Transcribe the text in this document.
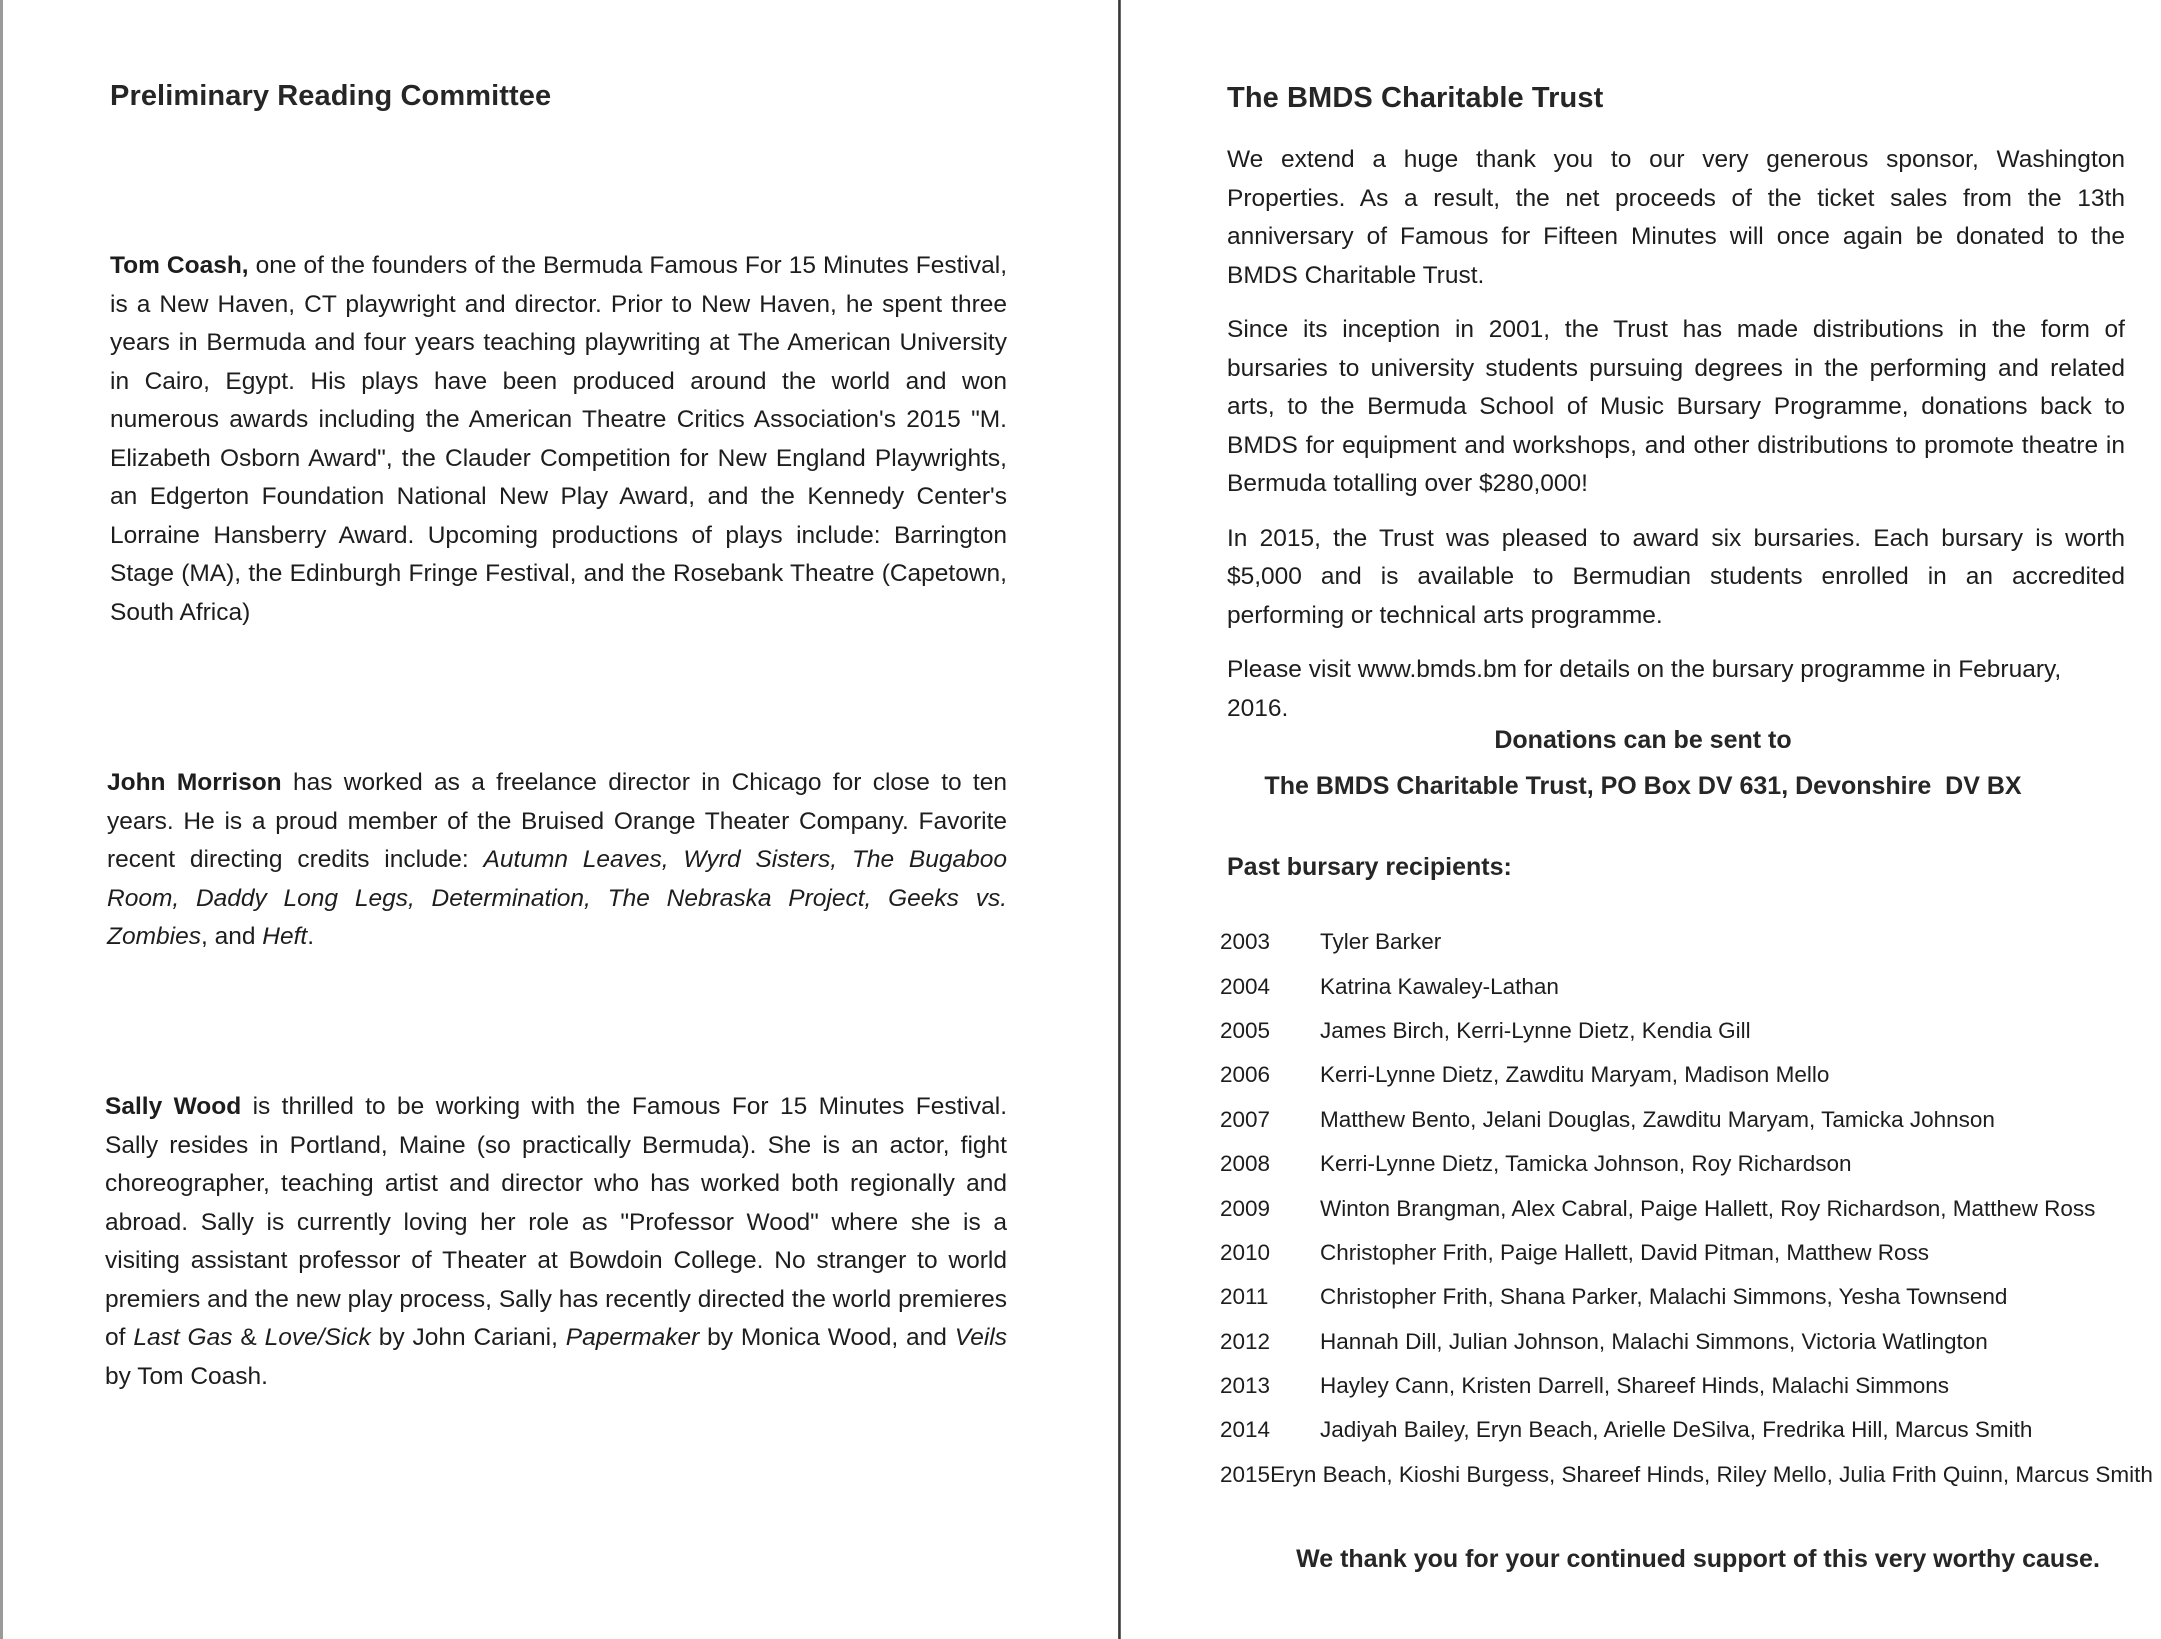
Preliminary Reading Committee

Tom Coash, one of the founders of the Bermuda Famous For 15 Minutes Festival, is a New Haven, CT playwright and director. Prior to New Haven, he spent three years in Bermuda and four years teaching playwriting at The American University in Cairo, Egypt. His plays have been produced around the world and won numerous awards including the American Theatre Critics Association's 2015 "M. Elizabeth Osborn Award", the Clauder Competition for New England Playwrights, an Edgerton Foundation National New Play Award, and the Kennedy Center's Lorraine Hansberry Award. Upcoming productions of plays include: Barrington Stage (MA), the Edinburgh Fringe Festival, and the Rosebank Theatre (Capetown, South Africa)

John Morrison has worked as a freelance director in Chicago for close to ten years. He is a proud member of the Bruised Orange Theater Company. Favorite recent directing credits include: Autumn Leaves, Wyrd Sisters, The Bugaboo Room, Daddy Long Legs, Determination, The Nebraska Project, Geeks vs. Zombies, and Heft.

Sally Wood is thrilled to be working with the Famous For 15 Minutes Festival. Sally resides in Portland, Maine (so practically Bermuda). She is an actor, fight choreographer, teaching artist and director who has worked both regionally and abroad. Sally is currently loving her role as "Professor Wood" where she is a visiting assistant professor of Theater at Bowdoin College. No stranger to world premiers and the new play process, Sally has recently directed the world premieres of Last Gas & Love/Sick by John Cariani, Papermaker by Monica Wood, and Veils by Tom Coash.

The BMDS Charitable Trust

We extend a huge thank you to our very generous sponsor, Washington Properties. As a result, the net proceeds of the ticket sales from the 13th anniversary of Famous for Fifteen Minutes will once again be donated to the BMDS Charitable Trust.

Since its inception in 2001, the Trust has made distributions in the form of bursaries to university students pursuing degrees in the performing and related arts, to the Bermuda School of Music Bursary Programme, donations back to BMDS for equipment and workshops, and other distributions to promote theatre in Bermuda totalling over $280,000!

In 2015, the Trust was pleased to award six bursaries. Each bursary is worth $5,000 and is available to Bermudian students enrolled in an accredited performing or technical arts programme.

Please visit www.bmds.bm for details on the bursary programme in February, 2016.

Donations can be sent to
The BMDS Charitable Trust, PO Box DV 631, Devonshire  DV BX
Past bursary recipients:
2003	Tyler Barker
2004	Katrina Kawaley-Lathan
2005	James Birch, Kerri-Lynne Dietz, Kendia Gill
2006	Kerri-Lynne Dietz, Zawditu Maryam, Madison Mello
2007	Matthew Bento, Jelani Douglas, Zawditu Maryam, Tamicka Johnson
2008	Kerri-Lynne Dietz, Tamicka Johnson, Roy Richardson
2009	Winton Brangman, Alex Cabral, Paige Hallett, Roy Richardson, Matthew Ross
2010	Christopher Frith, Paige Hallett, David Pitman, Matthew Ross
2011	Christopher Frith, Shana Parker, Malachi Simmons, Yesha Townsend
2012	Hannah Dill, Julian Johnson, Malachi Simmons, Victoria Watlington
2013	Hayley Cann, Kristen Darrell, Shareef Hinds, Malachi Simmons
2014	Jadiyah Bailey, Eryn Beach, Arielle DeSilva, Fredrika Hill, Marcus Smith
2015 Eryn Beach, Kioshi Burgess, Shareef Hinds, Riley Mello, Julia Frith Quinn, Marcus Smith
We thank you for your continued support of this very worthy cause.
